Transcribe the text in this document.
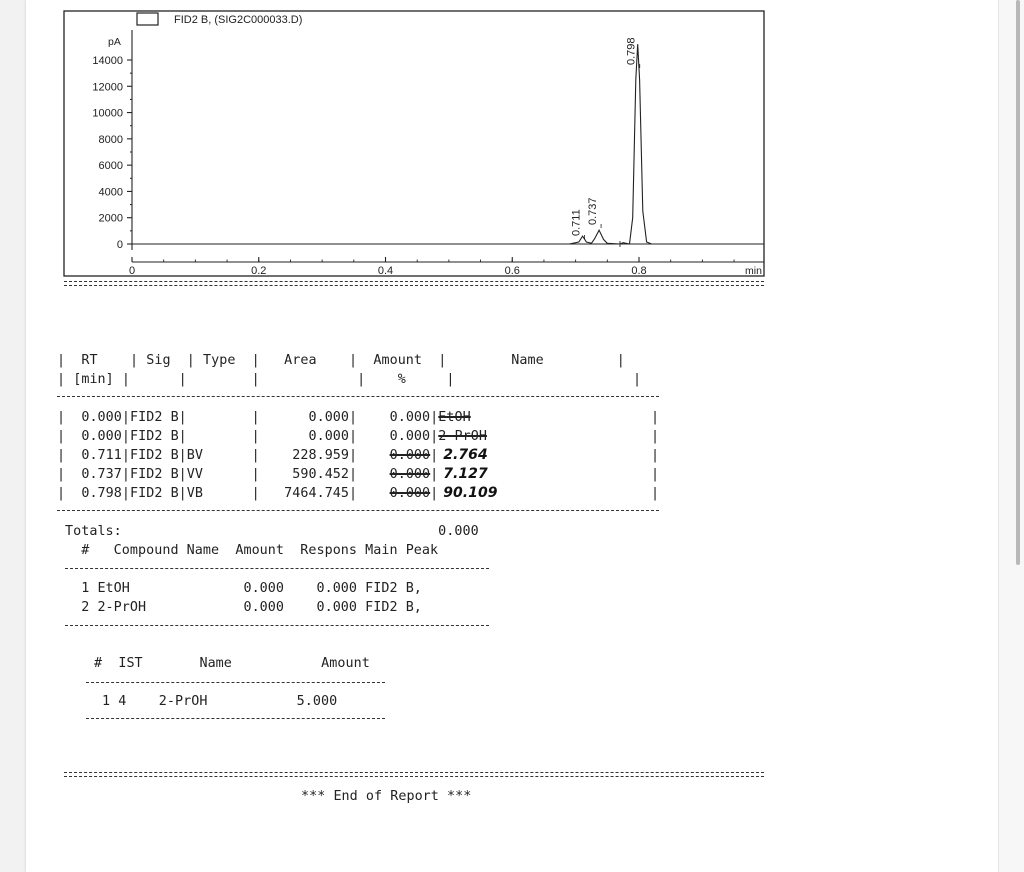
FID2 B, (SIG2C000033.D)
pA
min
14000
12000
10000
8000
6000
4000
2000
0
0	0.2	0.4	0.6	0.8
0.711 0.737
0.798
|  RT    | Sig  | Type  |   Area    |  Amount  |        Name         |
| [min] |      |        |            |    %     |                      |
|  0.000|FID2 B|        |      0.000|    0.000|EtOH	|
|  0.000|FID2 B|        |      0.000|    0.000|2-PrOH	|
|  0.711|FID2 B|BV      |    228.959|    0.000| 2.764	|
|  0.737|FID2 B|VV      |    590.452|    0.000| 7.127	|
|  0.798|FID2 B|VB      |   7464.745|    0.000| 90.109	|
Totals:                                       0.000
#   Compound Name  Amount  Respons Main Peak
1 EtOH              0.000    0.000 FID2 B,
2 2-PrOH            0.000    0.000 FID2 B,
#  IST       Name           Amount
1 4    2-PrOH           5.000
*** End of Report ***
